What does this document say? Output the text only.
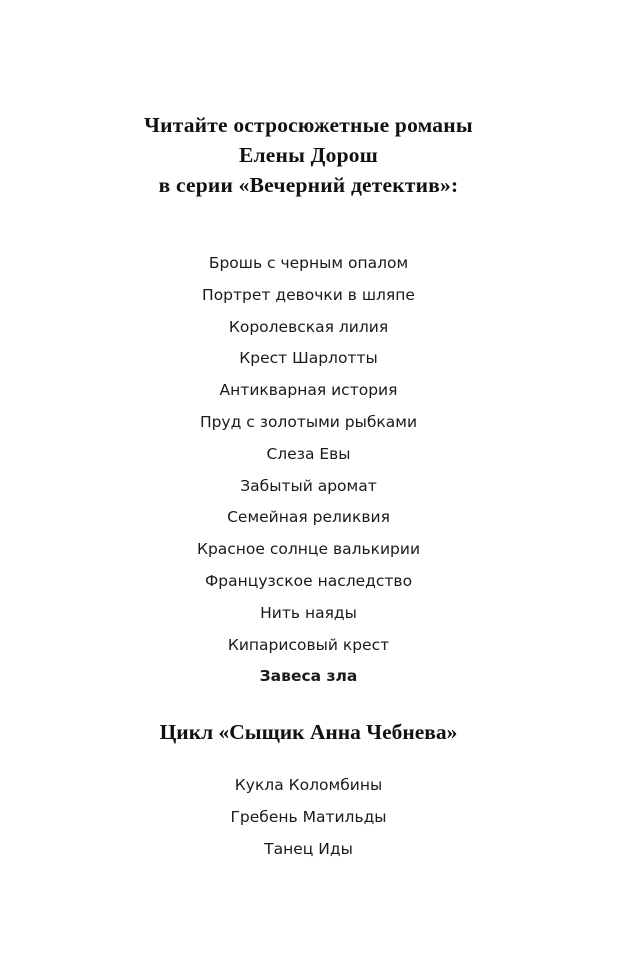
Читайте остросюжетные романы
Елены Дорош
в серии «Вечерний детектив»:
Брошь с черным опалом
Портрет девочки в шляпе
Королевская лилия
Крест Шарлотты
Антикварная история
Пруд с золотыми рыбками
Слеза Евы
Забытый аромат
Семейная реликвия
Красное солнце валькирии
Французское наследство
Нить наяды
Кипарисовый крест
Завеса зла
Цикл «Сыщик Анна Чебнева»
Кукла Коломбины
Гребень Матильды
Танец Иды
